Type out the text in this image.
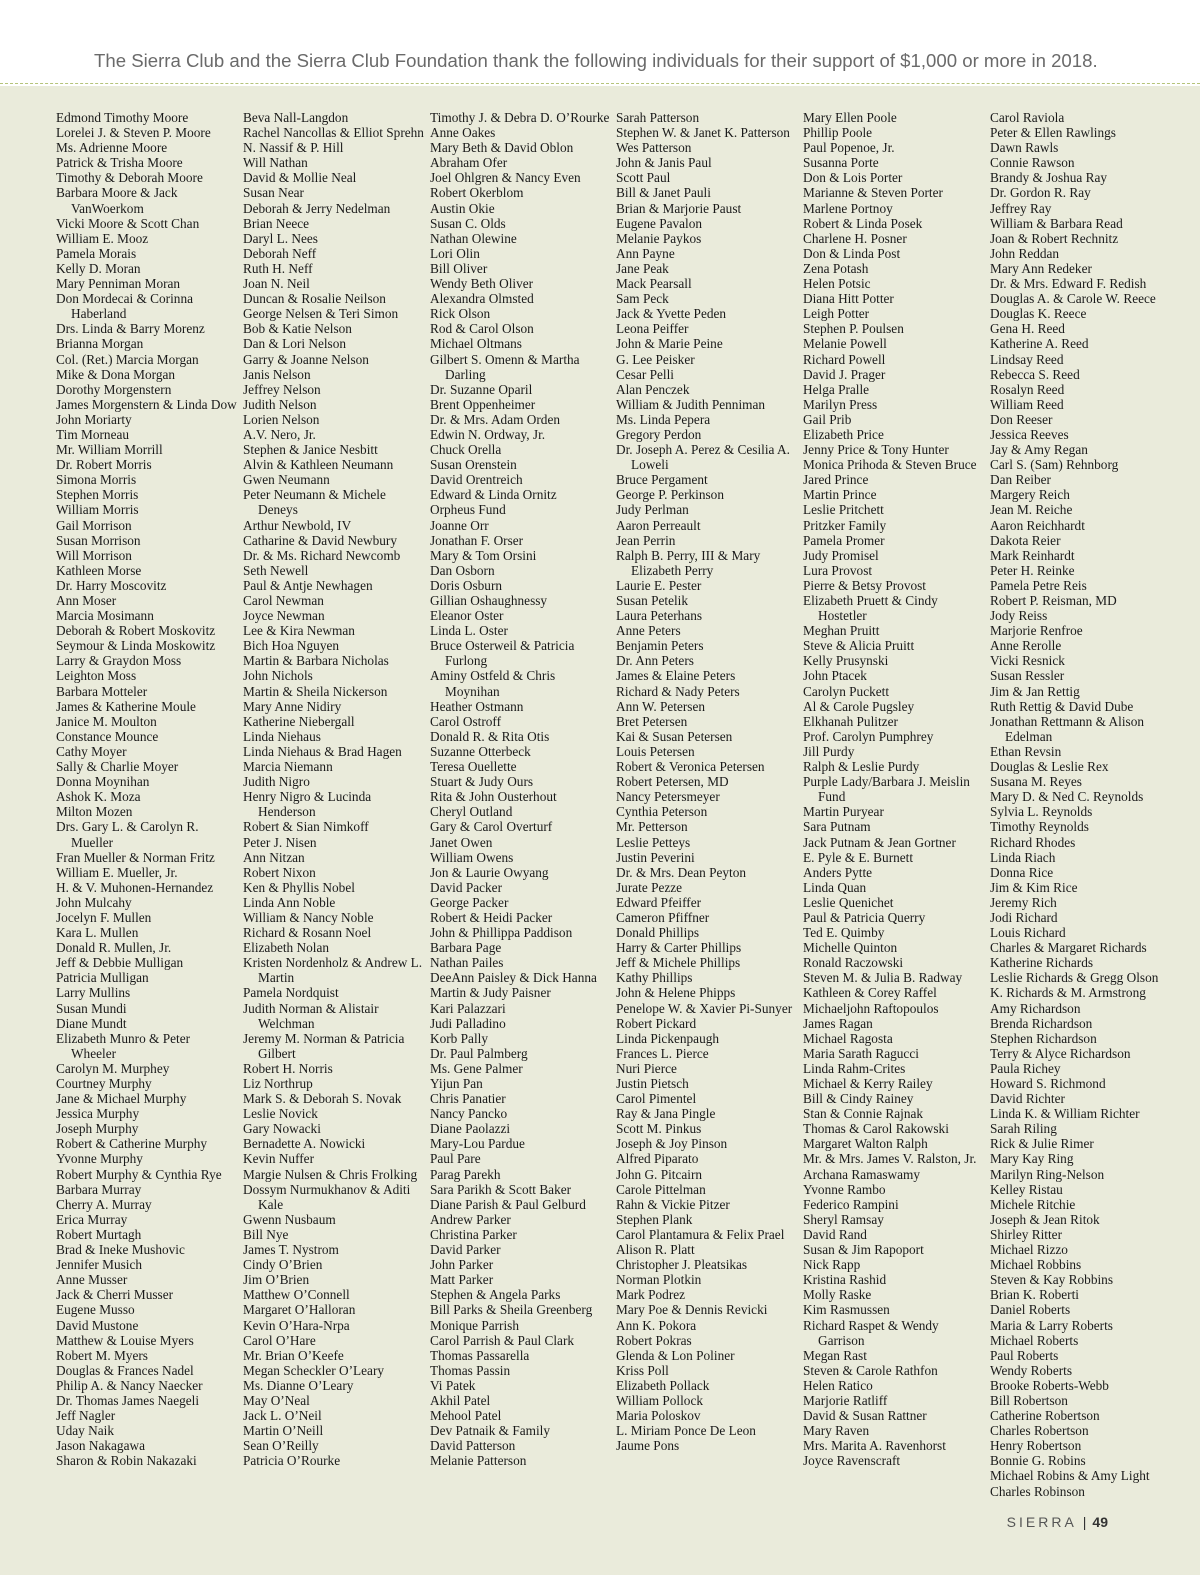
The Sierra Club and the Sierra Club Foundation thank the following individuals for their support of $1,000 or more in 2018.
Edmond Timothy Moore
Lorelei J. & Steven P. Moore
Ms. Adrienne Moore
Patrick & Trisha Moore
Timothy & Deborah Moore
Barbara Moore & Jack VanWoerkom
Vicki Moore & Scott Chan
William E. Mooz
Pamela Morais
Kelly D. Moran
Mary Penniman Moran
Don Mordecai & Corinna Haberland
Drs. Linda & Barry Morenz
Brianna Morgan
Col. (Ret.) Marcia Morgan
Mike & Dona Morgan
Dorothy Morgenstern
James Morgenstern & Linda Dow
John Moriarty
Tim Morneau
Mr. William Morrill
Dr. Robert Morris
Simona Morris
Stephen Morris
William Morris
Gail Morrison
Susan Morrison
Will Morrison
Kathleen Morse
Dr. Harry Moscovitz
Ann Moser
Marcia Mosimann
Deborah & Robert Moskovitz
Seymour & Linda Moskowitz
Larry & Graydon Moss
Leighton Moss
Barbara Motteler
James & Katherine Moule
Janice M. Moulton
Constance Mounce
Cathy Moyer
Sally & Charlie Moyer
Donna Moynihan
Ashok K. Moza
Milton Mozen
Drs. Gary L. & Carolyn R. Mueller
Fran Mueller & Norman Fritz
William E. Mueller, Jr.
H. & V. Muhonen-Hernandez
John Mulcahy
Jocelyn F. Mullen
Kara L. Mullen
Donald R. Mullen, Jr.
Jeff & Debbie Mulligan
Patricia Mulligan
Larry Mullins
Susan Mundi
Diane Mundt
Elizabeth Munro & Peter Wheeler
Carolyn M. Murphey
Courtney Murphy
Jane & Michael Murphy
Jessica Murphy
Joseph Murphy
Robert & Catherine Murphy
Yvonne Murphy
Robert Murphy & Cynthia Rye
Barbara Murray
Cherry A. Murray
Erica Murray
Robert Murtagh
Brad & Ineke Mushovic
Jennifer Musich
Anne Musser
Jack & Cherri Musser
Eugene Musso
David Mustone
Matthew & Louise Myers
Robert M. Myers
Douglas & Frances Nadel
Philip A. & Nancy Naecker
Dr. Thomas James Naegeli
Jeff Nagler
Uday Naik
Jason Nakagawa
Sharon & Robin Nakazaki
Beva Nall-Langdon
Rachel Nancollas & Elliot Sprehn
N. Nassif & P. Hill
Will Nathan
David & Mollie Neal
Susan Near
Deborah & Jerry Nedelman
Brian Neece
Daryl L. Nees
Deborah Neff
Ruth H. Neff
Joan N. Neil
Duncan & Rosalie Neilson
George Nelsen & Teri Simon
Bob & Katie Nelson
Dan & Lori Nelson
Garry & Joanne Nelson
Janis Nelson
Jeffrey Nelson
Judith Nelson
Lorien Nelson
A.V. Nero, Jr.
Stephen & Janice Nesbitt
Alvin & Kathleen Neumann
Gwen Neumann
Peter Neumann & Michele Deneys
Arthur Newbold, IV
Catharine & David Newbury
Dr. & Ms. Richard Newcomb
Seth Newell
Paul & Antje Newhagen
Carol Newman
Joyce Newman
Lee & Kira Newman
Bich Hoa Nguyen
Martin & Barbara Nicholas
John Nichols
Martin & Sheila Nickerson
Mary Anne Nidiry
Katherine Niebergall
Linda Niehaus
Linda Niehaus & Brad Hagen
Marcia Niemann
Judith Nigro
Henry Nigro & Lucinda Henderson
Robert & Sian Nimkoff
Peter J. Nisen
Ann Nitzan
Robert Nixon
Ken & Phyllis Nobel
Linda Ann Noble
William & Nancy Noble
Richard & Rosann Noel
Elizabeth Nolan
Kristen Nordenholz & Andrew L. Martin
Pamela Nordquist
Judith Norman & Alistair Welchman
Jeremy M. Norman & Patricia Gilbert
Robert H. Norris
Liz Northrup
Mark S. & Deborah S. Novak
Leslie Novick
Gary Nowacki
Bernadette A. Nowicki
Kevin Nuffer
Margie Nulsen & Chris Frolking
Dossym Nurmukhanov & Aditi Kale
Gwenn Nusbaum
Bill Nye
James T. Nystrom
Cindy O’Brien
Jim O’Brien
Matthew O’Connell
Margaret O’Halloran
Kevin O’Hara-Nrpa
Carol O’Hare
Mr. Brian O’Keefe
Megan Scheckler O’Leary
Ms. Dianne O’Leary
May O’Neal
Jack L. O’Neil
Martin O’Neill
Sean O’Reilly
Patricia O’Rourke
Timothy J. & Debra D. O’Rourke
Anne Oakes
Mary Beth & David Oblon
Abraham Ofer
Joel Ohlgren & Nancy Even
Robert Okerblom
Austin Okie
Susan C. Olds
Nathan Olewine
Lori Olin
Bill Oliver
Wendy Beth Oliver
Alexandra Olmsted
Rick Olson
Rod & Carol Olson
Michael Oltmans
Gilbert S. Omenn & Martha Darling
Dr. Suzanne Oparil
Brent Oppenheimer
Dr. & Mrs. Adam Orden
Edwin N. Ordway, Jr.
Chuck Orella
Susan Orenstein
David Orentreich
Edward & Linda Ornitz
Orpheus Fund
Joanne Orr
Jonathan F. Orser
Mary & Tom Orsini
Dan Osborn
Doris Osburn
Gillian Oshaughnessy
Eleanor Oster
Linda L. Oster
Bruce Osterweil & Patricia Furlong
Aminy Ostfeld & Chris Moynihan
Heather Ostmann
Carol Ostroff
Donald R. & Rita Otis
Suzanne Otterbeck
Teresa Ouellette
Stuart & Judy Ours
Rita & John Ousterhout
Cheryl Outland
Gary & Carol Overturf
Janet Owen
William Owens
Jon & Laurie Owyang
David Packer
George Packer
Robert & Heidi Packer
John & Phillippa Paddison
Barbara Page
Nathan Pailes
DeeAnn Paisley & Dick Hanna
Martin & Judy Paisner
Kari Palazzari
Judi Palladino
Korb Pally
Dr. Paul Palmberg
Ms. Gene Palmer
Yijun Pan
Chris Panatier
Nancy Pancko
Diane Paolazzi
Mary-Lou Pardue
Paul Pare
Parag Parekh
Sara Parikh & Scott Baker
Diane Parish & Paul Gelburd
Andrew Parker
Christina Parker
David Parker
John Parker
Matt Parker
Stephen & Angela Parks
Bill Parks & Sheila Greenberg
Monique Parrish
Carol Parrish & Paul Clark
Thomas Passarella
Thomas Passin
Vi Patek
Akhil Patel
Mehool Patel
Dev Patnaik & Family
David Patterson
Melanie Patterson
Sarah Patterson
Stephen W. & Janet K. Patterson
Wes Patterson
John & Janis Paul
Scott Paul
Bill & Janet Pauli
Brian & Marjorie Paust
Eugene Pavalon
Melanie Paykos
Ann Payne
Jane Peak
Mack Pearsall
Sam Peck
Jack & Yvette Peden
Leona Peiffer
John & Marie Peine
G. Lee Peisker
Cesar Pelli
Alan Penczek
William & Judith Penniman
Ms. Linda Pepera
Gregory Perdon
Dr. Joseph A. Perez & Cesilia A. Loweli
Bruce Pergament
George P. Perkinson
Judy Perlman
Aaron Perreault
Jean Perrin
Ralph B. Perry, III & Mary Elizabeth Perry
Laurie E. Pester
Susan Petelik
Laura Peterhans
Anne Peters
Benjamin Peters
Dr. Ann Peters
James & Elaine Peters
Richard & Nady Peters
Ann W. Petersen
Bret Petersen
Kai & Susan Petersen
Louis Petersen
Robert & Veronica Petersen
Robert Petersen, MD
Nancy Petersmeyer
Cynthia Peterson
Mr. Petterson
Leslie Petteys
Justin Peverini
Dr. & Mrs. Dean Peyton
Jurate Pezze
Edward Pfeiffer
Cameron Pfiffner
Donald Phillips
Harry & Carter Phillips
Jeff & Michele Phillips
Kathy Phillips
John & Helene Phipps
Penelope W. & Xavier Pi-Sunyer
Robert Pickard
Linda Pickenpaugh
Frances L. Pierce
Nuri Pierce
Justin Pietsch
Carol Pimentel
Ray & Jana Pingle
Scott M. Pinkus
Joseph & Joy Pinson
Alfred Piparato
John G. Pitcairn
Carole Pittelman
Rahn & Vickie Pitzer
Stephen Plank
Carol Plantamura & Felix Prael
Alison R. Platt
Christopher J. Pleatsikas
Norman Plotkin
Mark Podrez
Mary Poe & Dennis Revicki
Ann K. Pokora
Robert Pokras
Glenda & Lon Poliner
Kriss Poll
Elizabeth Pollack
William Pollock
Maria Poloskov
L. Miriam Ponce De Leon
Jaume Pons
Mary Ellen Poole
Phillip Poole
Paul Popenoe, Jr.
Susanna Porte
Don & Lois Porter
Marianne & Steven Porter
Marlene Portnoy
Robert & Linda Posek
Charlene H. Posner
Don & Linda Post
Zena Potash
Helen Potsic
Diana Hitt Potter
Leigh Potter
Stephen P. Poulsen
Melanie Powell
Richard Powell
David J. Prager
Helga Pralle
Marilyn Press
Gail Prib
Elizabeth Price
Jenny Price & Tony Hunter
Monica Prihoda & Steven Bruce
Jared Prince
Martin Prince
Leslie Pritchett
Pritzker Family
Pamela Promer
Judy Promisel
Lura Provost
Pierre & Betsy Provost
Elizabeth Pruett & Cindy Hostetler
Meghan Pruitt
Steve & Alicia Pruitt
Kelly Prusynski
John Ptacek
Carolyn Puckett
Al & Carole Pugsley
Elkhanah Pulitzer
Prof. Carolyn Pumphrey
Jill Purdy
Ralph & Leslie Purdy
Purple Lady/Barbara J. Meislin Fund
Martin Puryear
Sara Putnam
Jack Putnam & Jean Gortner
E. Pyle & E. Burnett
Anders Pytte
Linda Quan
Leslie Quenichet
Paul & Patricia Querry
Ted E. Quimby
Michelle Quinton
Ronald Raczowski
Steven M. & Julia B. Radway
Kathleen & Corey Raffel
Michaeljohn Raftopoulos
James Ragan
Michael Ragosta
Maria Sarath Ragucci
Linda Rahm-Crites
Michael & Kerry Railey
Bill & Cindy Rainey
Stan & Connie Rajnak
Thomas & Carol Rakowski
Margaret Walton Ralph
Mr. & Mrs. James V. Ralston, Jr.
Archana Ramaswamy
Yvonne Rambo
Federico Rampini
Sheryl Ramsay
David Rand
Susan & Jim Rapoport
Nick Rapp
Kristina Rashid
Molly Raske
Kim Rasmussen
Richard Raspet & Wendy Garrison
Megan Rast
Steven & Carole Rathfon
Helen Ratico
Marjorie Ratliff
David & Susan Rattner
Mary Raven
Mrs. Marita A. Ravenhorst
Joyce Ravenscraft
Carol Raviola
Peter & Ellen Rawlings
Dawn Rawls
Connie Rawson
Brandy & Joshua Ray
Dr. Gordon R. Ray
Jeffrey Ray
William & Barbara Read
Joan & Robert Rechnitz
John Reddan
Mary Ann Redeker
Dr. & Mrs. Edward F. Redish
Douglas A. & Carole W. Reece
Douglas K. Reece
Gena H. Reed
Katherine A. Reed
Lindsay Reed
Rebecca S. Reed
Rosalyn Reed
William Reed
Don Reeser
Jessica Reeves
Jay & Amy Regan
Carl S. (Sam) Rehnborg
Dan Reiber
Margery Reich
Jean M. Reiche
Aaron Reichhardt
Dakota Reier
Mark Reinhardt
Peter H. Reinke
Pamela Petre Reis
Robert P. Reisman, MD
Jody Reiss
Marjorie Renfroe
Anne Rerolle
Vicki Resnick
Susan Ressler
Jim & Jan Rettig
Ruth Rettig & David Dube
Jonathan Rettmann & Alison Edelman
Ethan Revsin
Douglas & Leslie Rex
Susana M. Reyes
Mary D. & Ned C. Reynolds
Sylvia L. Reynolds
Timothy Reynolds
Richard Rhodes
Linda Riach
Donna Rice
Jim & Kim Rice
Jeremy Rich
Jodi Richard
Louis Richard
Charles & Margaret Richards
Katherine Richards
Leslie Richards & Gregg Olson
K. Richards & M. Armstrong
Amy Richardson
Brenda Richardson
Stephen Richardson
Terry & Alyce Richardson
Paula Richey
Howard S. Richmond
David Richter
Linda K. & William Richter
Sarah Riling
Rick & Julie Rimer
Mary Kay Ring
Marilyn Ring-Nelson
Kelley Ristau
Michele Ritchie
Joseph & Jean Ritok
Shirley Ritter
Michael Rizzo
Michael Robbins
Steven & Kay Robbins
Brian K. Roberti
Daniel Roberts
Maria & Larry Roberts
Michael Roberts
Paul Roberts
Wendy Roberts
Brooke Roberts-Webb
Bill Robertson
Catherine Robertson
Charles Robertson
Henry Robertson
Bonnie G. Robins
Michael Robins & Amy Light
Charles Robinson
SIERRA | 49
